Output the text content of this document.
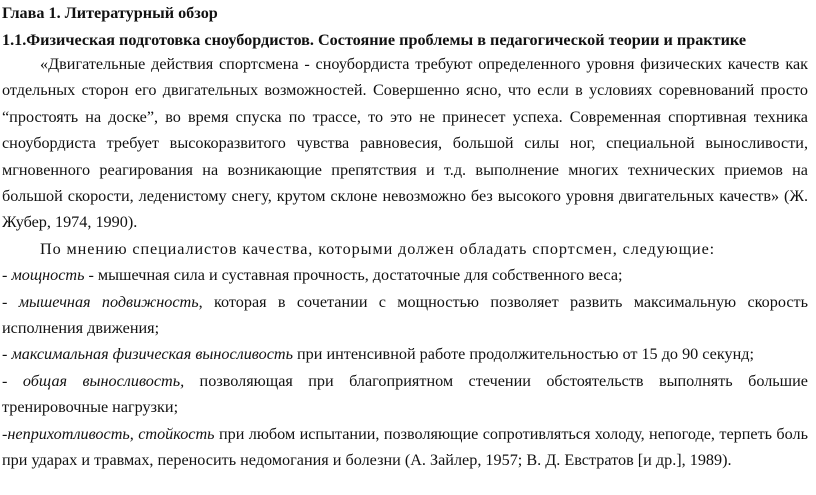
Глава 1. Литературный обзор
1.1.Физическая подготовка сноубордистов. Состояние проблемы в педагогической теории и практике

«Двигательные действия спортсмена - сноубордиста требуют определенного уровня физических качеств как отдельных сторон его двигательных возможностей. Совершенно ясно, что если в условиях соревнований просто “простоять на доске”, во время спуска по трассе, то это не принесет успеха. Современная спортивная техника сноубордиста требует высокоразвитого чувства равновесия, большой силы ног, специальной выносливости, мгновенного реагирования на возникающие препятствия и т.д. выполнение многих технических приемов на большой скорости, леденистому снегу, крутом склоне невозможно без высокого уровня двигательных качеств» (Ж. Жубер, 1974, 1990).

По мнению специалистов качества, которыми должен обладать спортсмен, следующие:

- мощность - мышечная сила и суставная прочность, достаточные для собственного веса;

- мышечная подвижность, которая в сочетании с мощностью позволяет развить максимальную скорость исполнения движения;

- максимальная физическая выносливость при интенсивной работе продолжительностью от 15 до 90 секунд;

- общая выносливость, позволяющая при благоприятном стечении обстоятельств выполнять большие тренировочные нагрузки;

-неприхотливость, стойкость при любом испытании, позволяющие сопротивляться холоду, непогоде, терпеть боль при ударах и травмах, переносить недомогания и болезни (А. Зайлер, 1957; В. Д. Евстратов [и др.], 1989).
